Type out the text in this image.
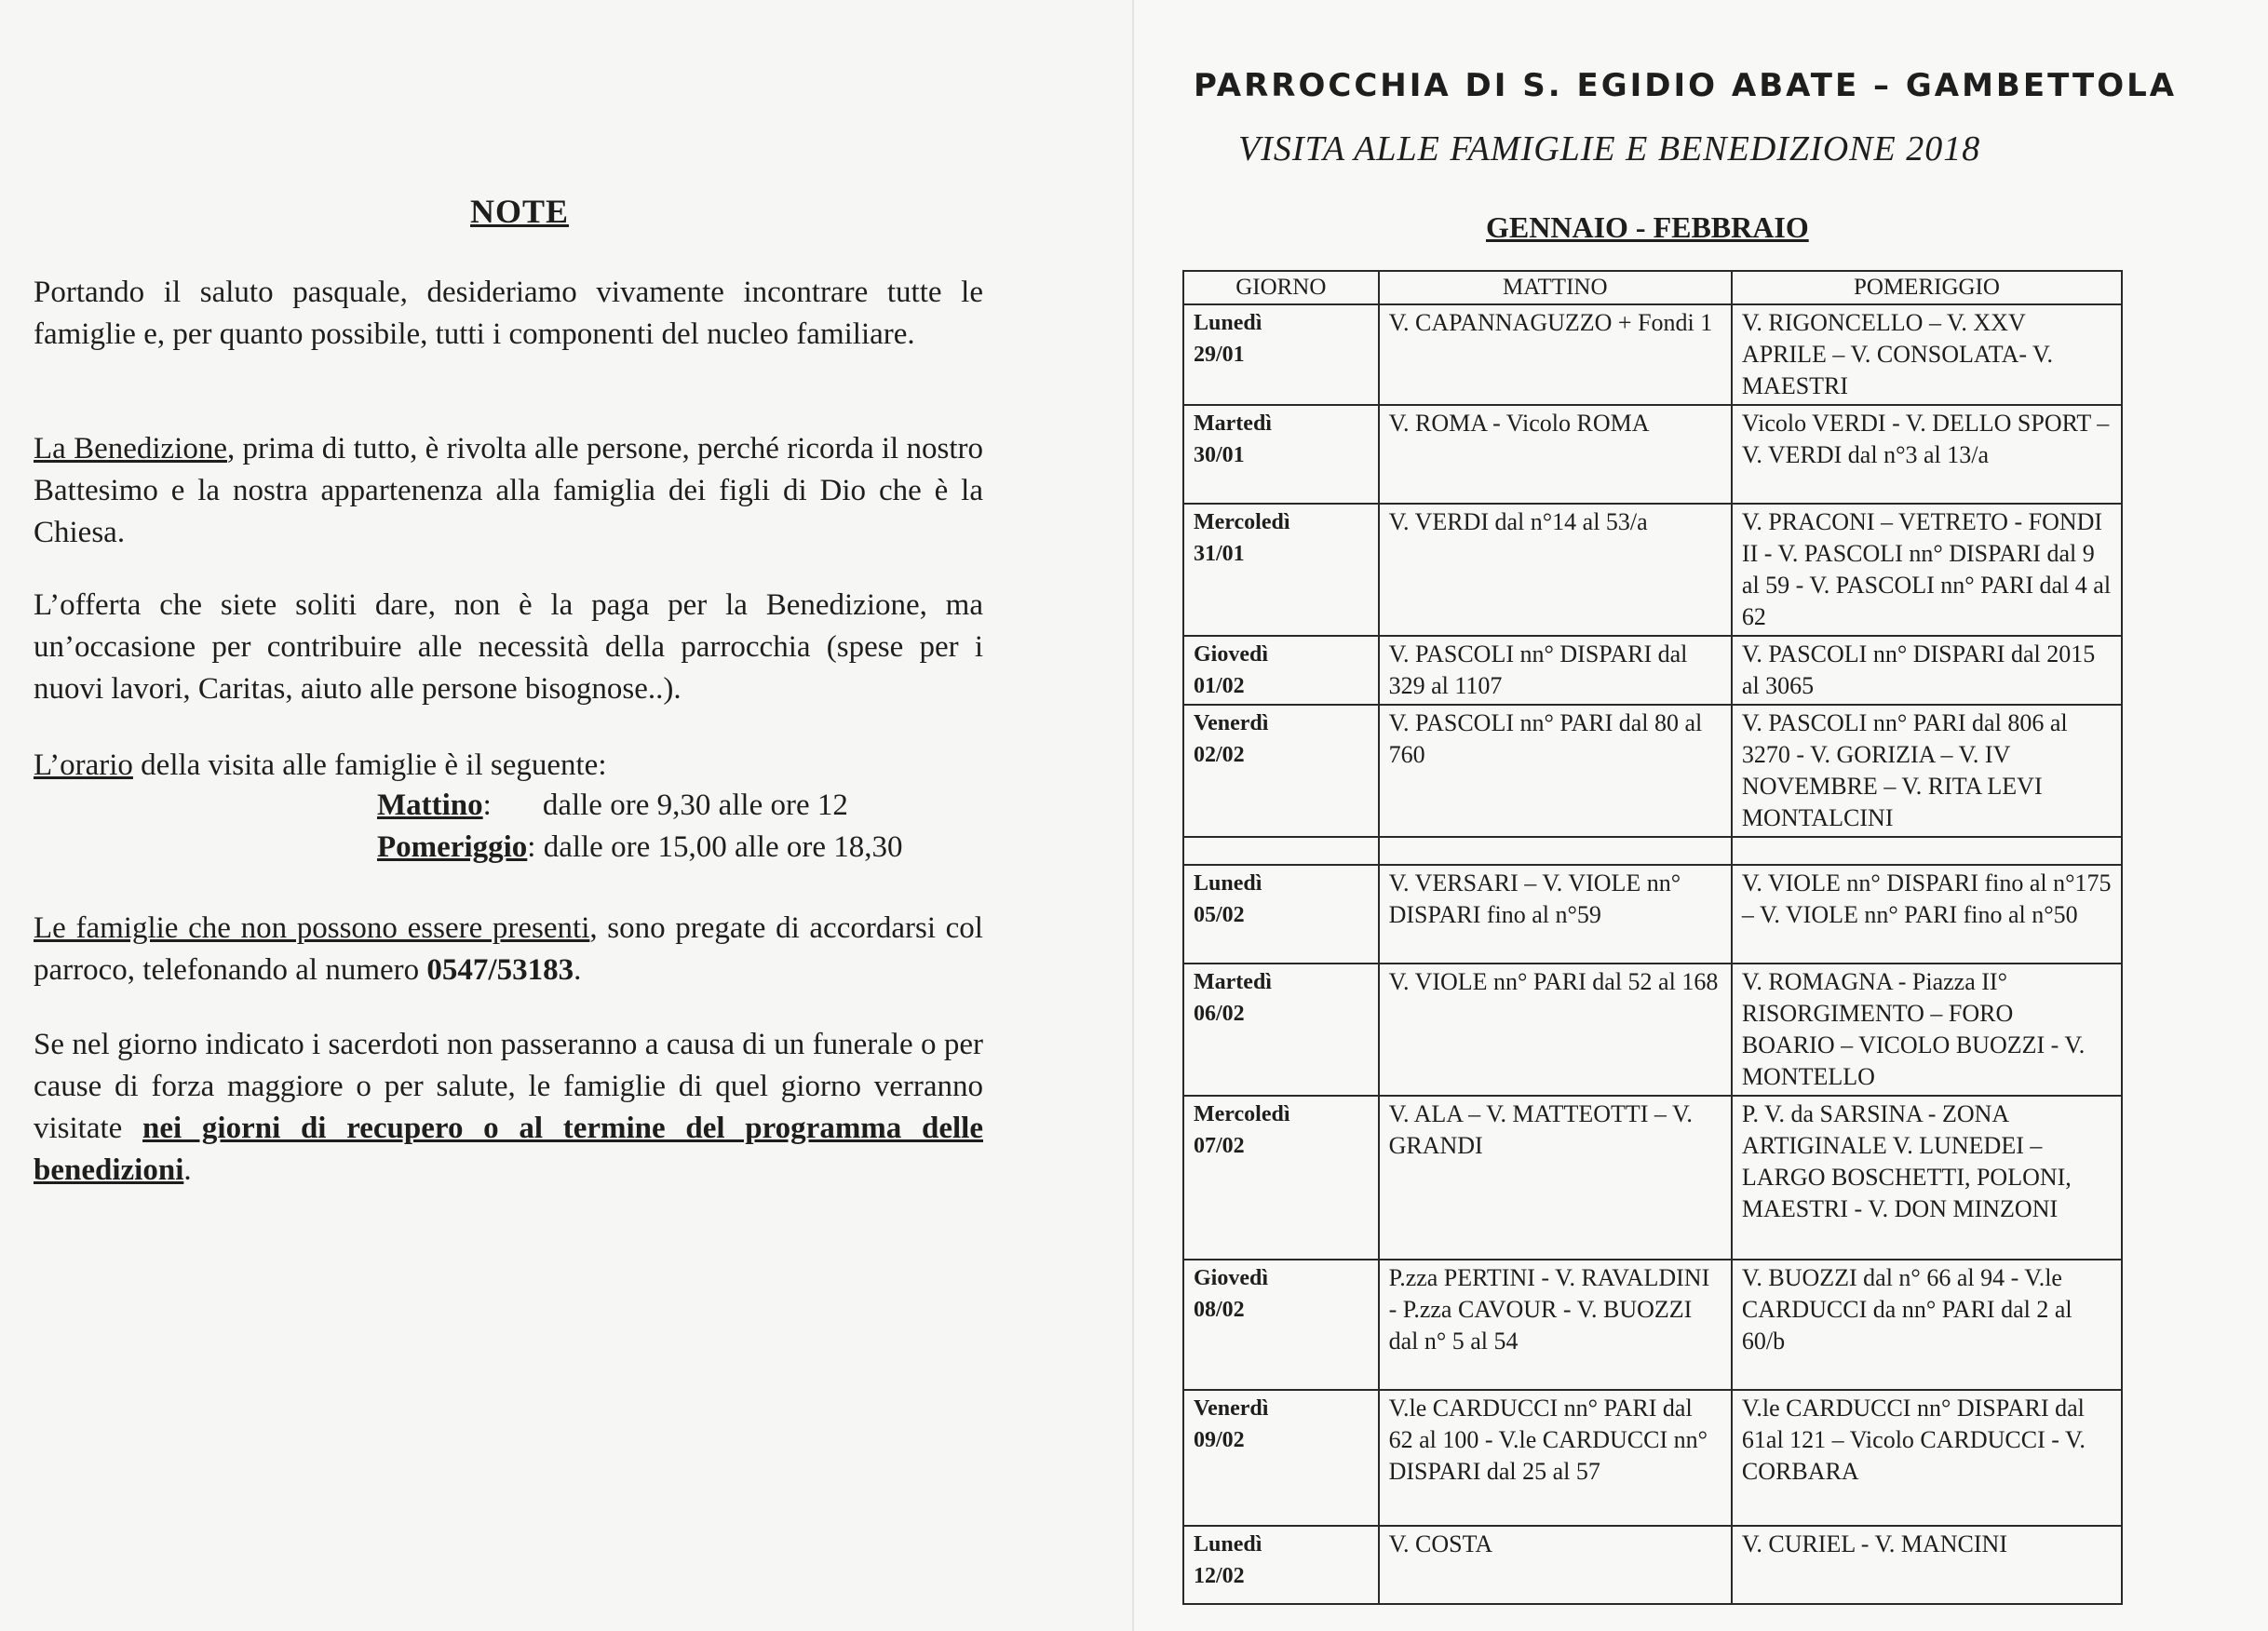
NOTE

Portando il saluto pasquale, desideriamo vivamente incontrare tutte le famiglie e, per quanto possibile, tutti i componenti del nucleo familiare.

La Benedizione, prima di tutto, è rivolta alle persone, perché ricorda il nostro Battesimo e la nostra appartenenza alla famiglia dei figli di Dio che è la Chiesa.

L’offerta che siete soliti dare, non è la paga per la Benedizione, ma un’occasione per contribuire alle necessità della parrocchia (spese per i nuovi lavori, Caritas, aiuto alle persone bisognose..).

L’orario della visita alle famiglie è il seguente:

Mattino: dalle ore 9,30 alle ore 12
Pomeriggio: dalle ore 15,00 alle ore 18,30

Le famiglie che non possono essere presenti, sono pregate di accordarsi col parroco, telefonando al numero 0547/53183.

Se nel giorno indicato i sacerdoti non passeranno a causa di un funerale o per cause di forza maggiore o per salute, le famiglie di quel giorno verranno visitate nei giorni di recupero o al termine del programma delle benedizioni.

PARROCCHIA DI S. EGIDIO ABATE – GAMBETTOLA
VISITA ALLE FAMIGLIE E BENEDIZIONE 2018
GENNAIO - FEBBRAIO
GIORNO	MATTINO	POMERIGGIO

Lunedì
29/01	V. CAPANNAGUZZO + Fondi 1	V. RIGONCELLO – V. XXV APRILE – V. CONSOLATA- V. MAESTRI

Martedì
30/01	V. ROMA - Vicolo ROMA	Vicolo VERDI - V. DELLO SPORT – V. VERDI dal n°3 al 13/a

Mercoledì
31/01	V. VERDI dal n°14 al 53/a	V. PRACONI – VETRETO - FONDI II - V. PASCOLI nn° DISPARI dal 9 al 59 - V. PASCOLI nn° PARI dal 4 al 62

Giovedì
01/02	V. PASCOLI nn° DISPARI dal 329 al 1107	V. PASCOLI nn° DISPARI dal 2015 al 3065

Venerdì
02/02	V. PASCOLI nn° PARI dal 80 al 760	V. PASCOLI nn° PARI dal 806 al 3270 - V. GORIZIA – V. IV NOVEMBRE – V. RITA LEVI MONTALCINI

Lunedì
05/02	V. VERSARI – V. VIOLE nn° DISPARI fino al n°59	V. VIOLE nn° DISPARI fino al n°175 – V. VIOLE nn° PARI fino al n°50

Martedì
06/02	V. VIOLE nn° PARI dal 52 al 168	V. ROMAGNA - Piazza II° RISORGIMENTO – FORO BOARIO – VICOLO BUOZZI - V. MONTELLO

Mercoledì
07/02	V. ALA – V. MATTEOTTI – V. GRANDI	P. V. da SARSINA - ZONA ARTIGINALE V. LUNEDEI – LARGO BOSCHETTI, POLONI, MAESTRI - V. DON MINZONI

Giovedì
08/02	P.zza PERTINI - V. RAVALDINI - P.zza CAVOUR - V. BUOZZI dal n° 5 al 54	V. BUOZZI dal n° 66 al 94 - V.le CARDUCCI da nn° PARI dal 2 al 60/b

Venerdì
09/02	V.le CARDUCCI nn° PARI dal 62 al 100 - V.le CARDUCCI nn° DISPARI dal 25 al 57	V.le CARDUCCI nn° DISPARI dal 61al 121 – Vicolo CARDUCCI - V. CORBARA

Lunedì
12/02	V. COSTA	V. CURIEL - V. MANCINI
